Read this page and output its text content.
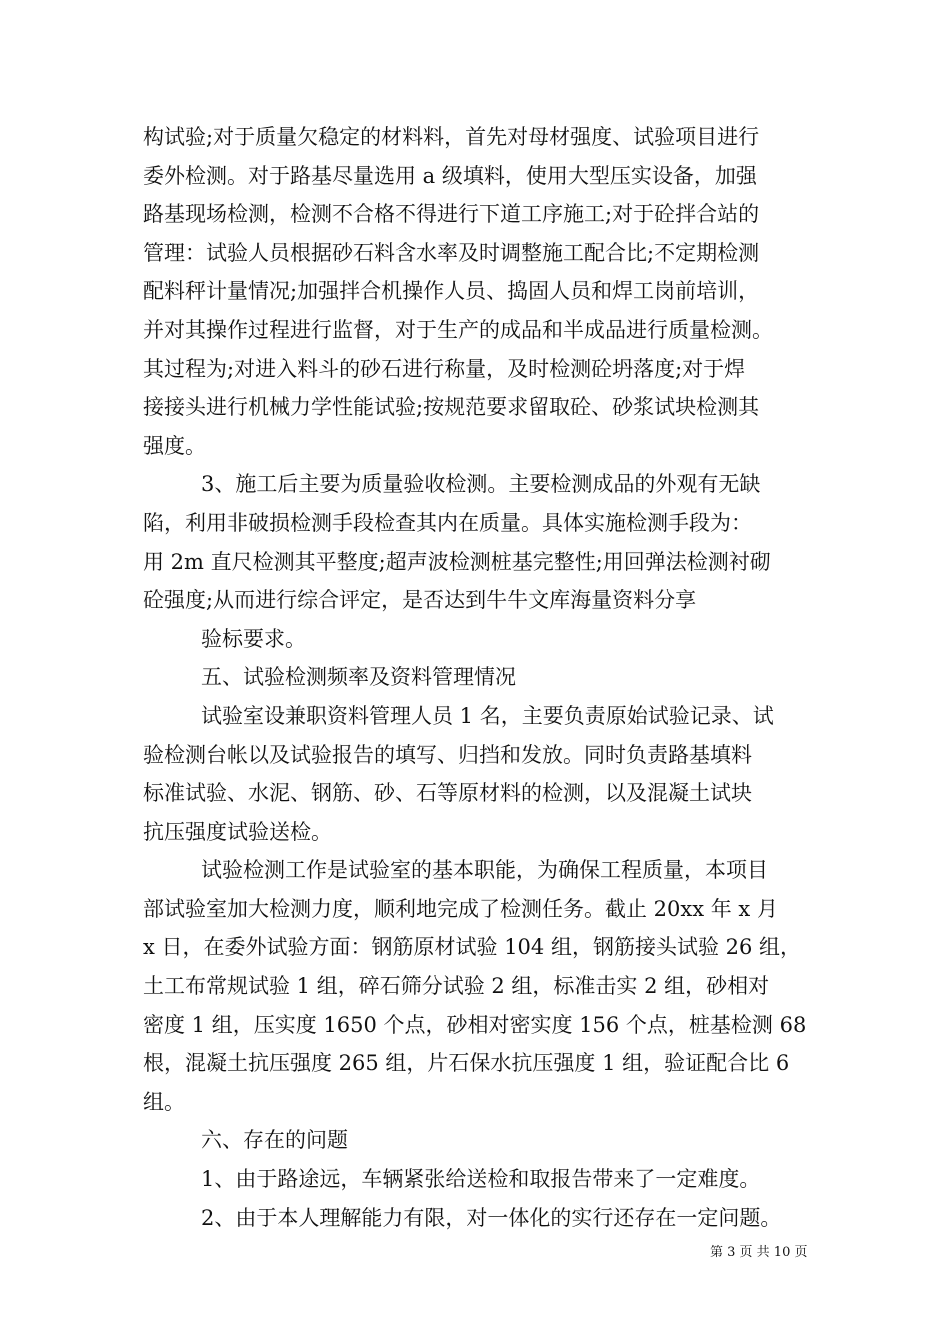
构试验;对于质量欠稳定的材料料，首先对母材强度、试验项目进行
委外检测。对于路基尽量选用 a 级填料，使用大型压实设备，加强
路基现场检测，检测不合格不得进行下道工序施工;对于砼拌合站的
管理：试验人员根据砂石料含水率及时调整施工配合比;不定期检测
配料秤计量情况;加强拌合机操作人员、捣固人员和焊工岗前培训，
并对其操作过程进行监督，对于生产的成品和半成品进行质量检测。
其过程为;对进入料斗的砂石进行称量，及时检测砼坍落度;对于焊
接接头进行机械力学性能试验;按规范要求留取砼、砂浆试块检测其
强度。
3、施工后主要为质量验收检测。主要检测成品的外观有无缺
陷，利用非破损检测手段检查其内在质量。具体实施检测手段为：
用 2m 直尺检测其平整度;超声波检测桩基完整性;用回弹法检测衬砌
砼强度;从而进行综合评定，是否达到牛牛文库海量资料分享
验标要求。
五、试验检测频率及资料管理情况
试验室设兼职资料管理人员 1 名，主要负责原始试验记录、试
验检测台帐以及试验报告的填写、归挡和发放。同时负责路基填料
标准试验、水泥、钢筋、砂、石等原材料的检测，以及混凝土试块
抗压强度试验送检。
试验检测工作是试验室的基本职能，为确保工程质量，本项目
部试验室加大检测力度，顺利地完成了检测任务。截止 20xx 年 x 月
x 日，在委外试验方面：钢筋原材试验 104 组，钢筋接头试验 26 组，
土工布常规试验 1 组，碎石筛分试验 2 组，标准击实 2 组，砂相对
密度 1 组，压实度 1650 个点，砂相对密实度 156 个点，桩基检测 68
根，混凝土抗压强度 265 组，片石保水抗压强度 1 组，验证配合比 6
组。
六、存在的问题
1、由于路途远，车辆紧张给送检和取报告带来了一定难度。
2、由于本人理解能力有限，对一体化的实行还存在一定问题。
第 3 页 共 10 页
